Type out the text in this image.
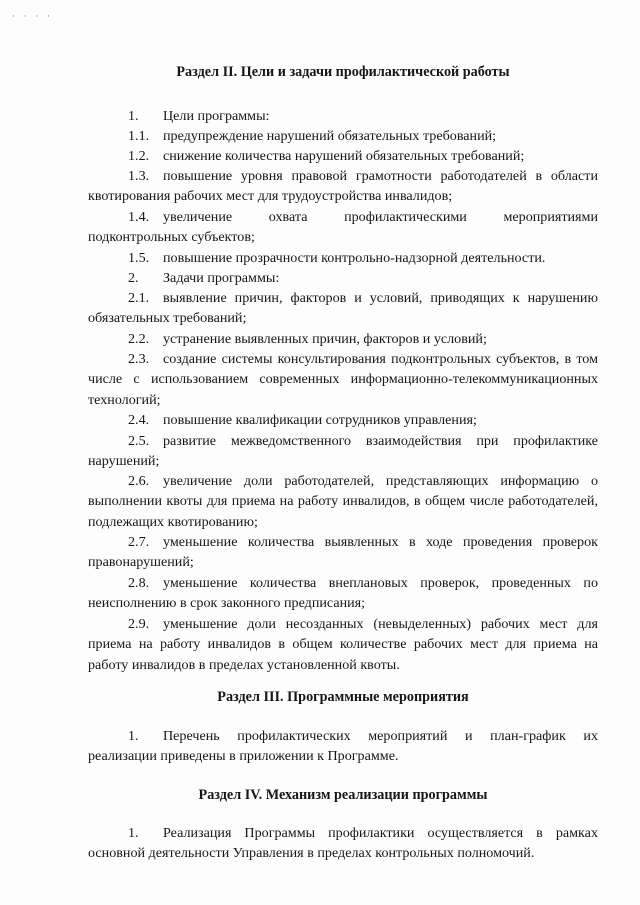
· · · ·
Раздел II. Цели и задачи профилактической работы
1. Цели программы:
1.1. предупреждение нарушений обязательных требований;
1.2. снижение количества нарушений обязательных требований;
1.3. повышение уровня правовой грамотности работодателей в области квотирования рабочих мест для трудоустройства инвалидов;
1.4. увеличение охвата профилактическими мероприятиями подконтрольных субъектов;
1.5. повышение прозрачности контрольно-надзорной деятельности.
2. Задачи программы:
2.1. выявление причин, факторов и условий, приводящих к нарушению обязательных требований;
2.2. устранение выявленных причин, факторов и условий;
2.3. создание системы консультирования подконтрольных субъектов, в том числе с использованием современных информационно-телекоммуникационных технологий;
2.4. повышение квалификации сотрудников управления;
2.5. развитие межведомственного взаимодействия при профилактике нарушений;
2.6. увеличение доли работодателей, представляющих информацию о выполнении квоты для приема на работу инвалидов, в общем числе работодателей, подлежащих квотированию;
2.7. уменьшение количества выявленных в ходе проведения проверок правонарушений;
2.8. уменьшение количества внеплановых проверок, проведенных по неисполнению в срок законного предписания;
2.9. уменьшение доли несозданных (невыделенных) рабочих мест для приема на работу инвалидов в общем количестве рабочих мест для приема на работу инвалидов в пределах установленной квоты.
Раздел III. Программные мероприятия
1. Перечень профилактических мероприятий и план-график их реализации приведены в приложении к Программе.
Раздел IV. Механизм реализации программы
1. Реализация Программы профилактики осуществляется в рамках основной деятельности Управления в пределах контрольных полномочий.
